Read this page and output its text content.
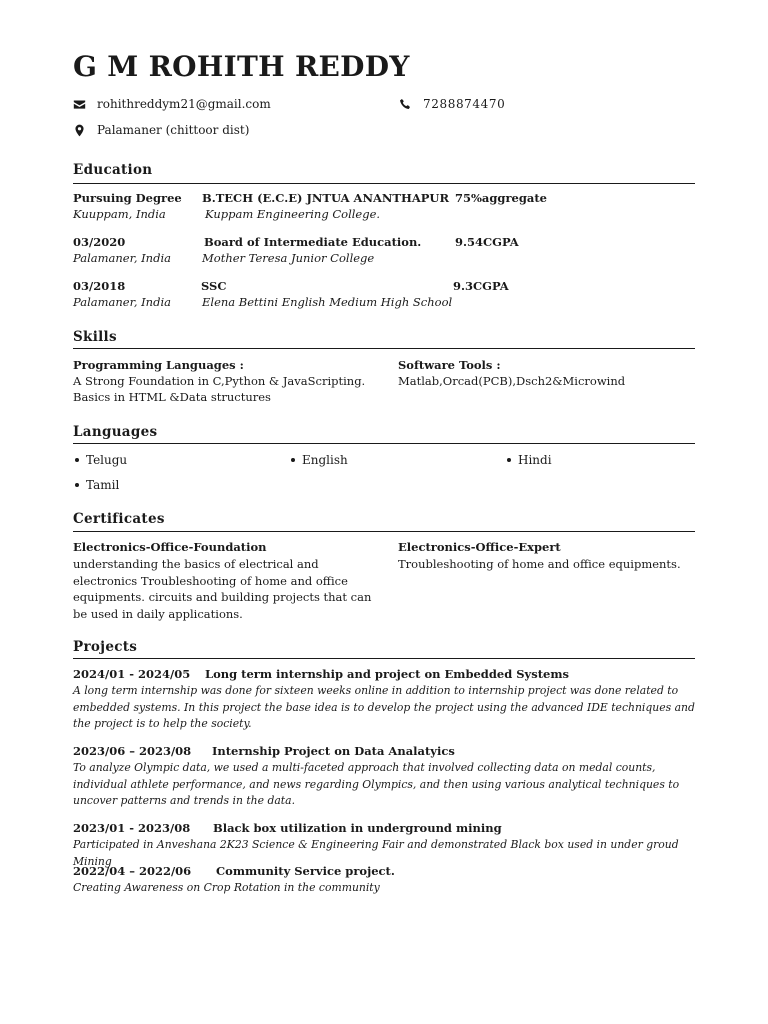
G M ROHITH REDDY
rohithreddym21@gmail.com	7288874470
Palamaner (chittoor dist)
Education
Pursuing Degree B.TECH (E.C.E) JNTUA ANANTHAPUR 75%aggregate
Kuuppam, India	Kuppam Engineering College.
03/2020	Board of Intermediate Education.	9.54CGPA
Palamaner, India	Mother Teresa Junior College
03/2018	SSC	9.3CGPA
Palamaner, India	Elena Bettini English Medium High School
Skills
Programming Languages :
A Strong Foundation in C,Python & JavaScripting.
Basics in HTML &Data structures
Software Tools :
Matlab,Orcad(PCB),Dsch2&Microwind
Languages
Telugu	English	Hindi
Tamil
Certificates
Electronics-Office-Foundation
understanding the basics of electrical and electronics Troubleshooting of home and office equipments. circuits and building projects that can be used in daily applications.
Electronics-Office-Expert
Troubleshooting of home and office equipments.
Projects
2024/01 - 2024/05 Long term internship and project on Embedded Systems
A long term internship was done for sixteen weeks online in addition to internship project was done related to embedded systems. In this project the base idea is to develop the project using the advanced IDE techniques and the project is to help the society.
2023/06 – 2023/08 Internship Project on Data Analatyics
To analyze Olympic data, we used a multi-faceted approach that involved collecting data on medal counts, individual athlete performance, and news regarding Olympics, and then using various analytical techniques to uncover patterns and trends in the data.
2023/01 - 2023/08 Black box utilization in underground mining
Participated in Anveshana 2K23 Science & Engineering Fair and demonstrated Black box used in under groud Mining
2022/04 – 2022/06 Community Service project.
Creating Awareness on Crop Rotation in the community
